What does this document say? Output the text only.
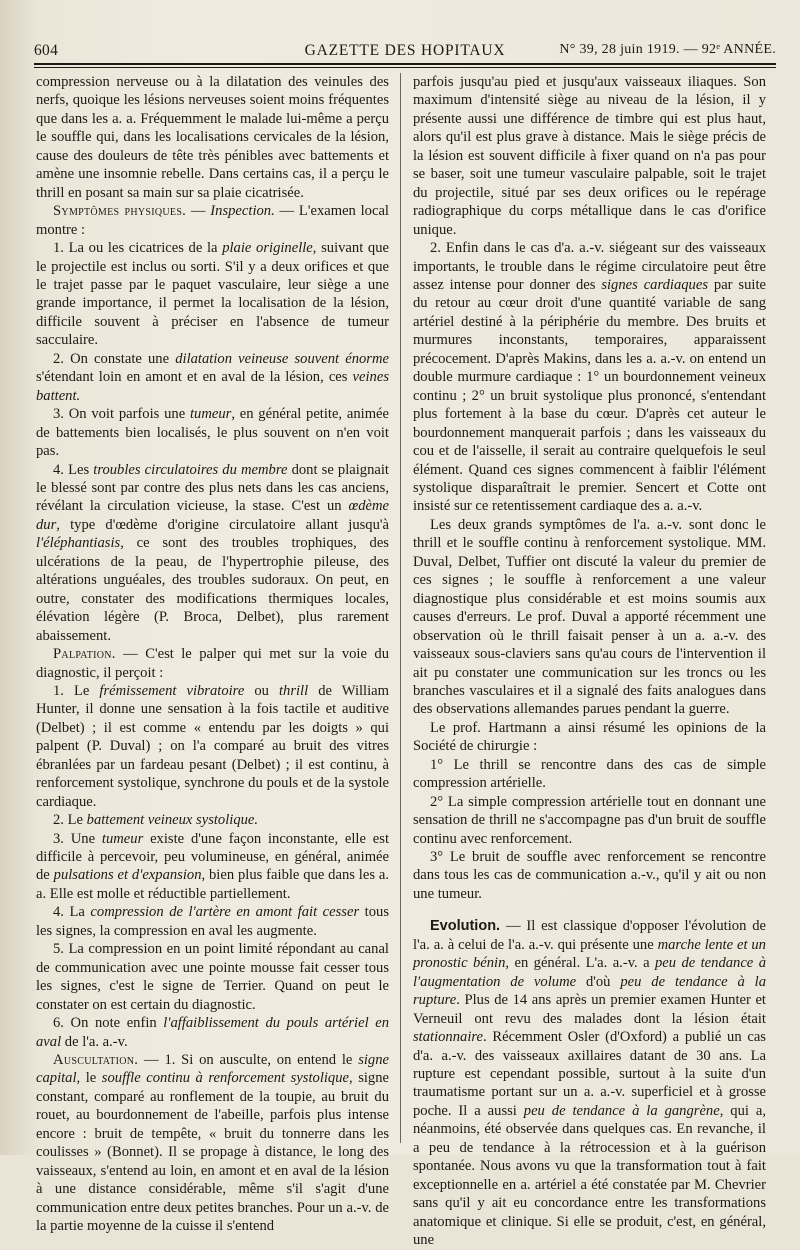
604	GAZETTE DES HOPITAUX	N° 39, 28 juin 1919. — 92ᵉ ANNÉE.

compression nerveuse ou à la dilatation des veinules des nerfs, quoique les lésions nerveuses soient moins fréquentes que dans les a. a. Fréquemment le malade lui-même a perçu le souffle qui, dans les localisations cervicales de la lésion, cause des douleurs de tête très pénibles avec battements et amène une insomnie rebelle. Dans certains cas, il a perçu le thrill en posant sa main sur sa plaie cicatrisée.

Symptômes physiques. — Inspection. — L'examen local montre :

1. La ou les cicatrices de la plaie originelle, suivant que le projectile est inclus ou sorti. S'il y a deux orifices et que le trajet passe par le paquet vasculaire, leur siège a une grande importance, il permet la localisation de la lésion, difficile souvent à préciser en l'absence de tumeur sacculaire.

2. On constate une dilatation veineuse souvent énorme s'étendant loin en amont et en aval de la lésion, ces veines battent.

3. On voit parfois une tumeur, en général petite, animée de battements bien localisés, le plus souvent on n'en voit pas.

4. Les troubles circulatoires du membre dont se plaignait le blessé sont par contre des plus nets dans les cas anciens, révélant la circulation vicieuse, la stase. C'est un œdème dur, type d'œdème d'origine circulatoire allant jusqu'à l'éléphantiasis, ce sont des troubles trophiques, des ulcérations de la peau, de l'hypertrophie pileuse, des altérations unguéales, des troubles sudoraux. On peut, en outre, constater des modifications thermiques locales, élévation légère (P. Broca, Delbet), plus rarement abaissement.

Palpation. — C'est le palper qui met sur la voie du diagnostic, il perçoit :

1. Le frémissement vibratoire ou thrill de William Hunter, il donne une sensation à la fois tactile et auditive (Delbet) ; il est comme « entendu par les doigts » qui palpent (P. Duval) ; on l'a comparé au bruit des vitres ébranlées par un fardeau pesant (Delbet) ; il est continu, à renforcement systolique, synchrone du pouls et de la systole cardiaque.

2. Le battement veineux systolique.

3. Une tumeur existe d'une façon inconstante, elle est difficile à percevoir, peu volumineuse, en général, animée de pulsations et d'expansion, bien plus faible que dans les a. a. Elle est molle et réductible partiellement.

4. La compression de l'artère en amont fait cesser tous les signes, la compression en aval les augmente.

5. La compression en un point limité répondant au canal de communication avec une pointe mousse fait cesser tous les signes, c'est le signe de Terrier. Quand on peut le constater on est certain du diagnostic.

6. On note enfin l'affaiblissement du pouls artériel en aval de l'a. a.-v.

Auscultation. — 1. Si on ausculte, on entend le signe capital, le souffle continu à renforcement systolique, signe constant, comparé au ronflement de la toupie, au bruit du rouet, au bourdonnement de l'abeille, parfois plus intense encore : bruit de tempête, « bruit du tonnerre dans les coulisses » (Bonnet). Il se propage à distance, le long des vaisseaux, s'entend au loin, en amont et en aval de la lésion à une distance considérable, même s'il s'agit d'une communication entre deux petites branches. Pour un a.-v. de la partie moyenne de la cuisse il s'entend

parfois jusqu'au pied et jusqu'aux vaisseaux iliaques. Son maximum d'intensité siège au niveau de la lésion, il y présente aussi une différence de timbre qui est plus haut, alors qu'il est plus grave à distance. Mais le siège précis de la lésion est souvent difficile à fixer quand on n'a pas pour se baser, soit une tumeur vasculaire palpable, soit le trajet du projectile, situé par ses deux orifices ou le repérage radiographique du corps métallique dans le cas d'orifice unique.

2. Enfin dans le cas d'a. a.-v. siégeant sur des vaisseaux importants, le trouble dans le régime circulatoire peut être assez intense pour donner des signes cardiaques par suite du retour au cœur droit d'une quantité variable de sang artériel destiné à la périphérie du membre. Des bruits et murmures inconstants, temporaires, apparaissent précocement. D'après Makins, dans les a. a.-v. on entend un double murmure cardiaque : 1° un bourdonnement veineux continu ; 2° un bruit systolique plus prononcé, s'entendant plus fortement à la base du cœur. D'après cet auteur le bourdonnement manquerait parfois ; dans les vaisseaux du cou et de l'aisselle, il serait au contraire quelquefois le seul élément. Quand ces signes commencent à faiblir l'élément systolique disparaîtrait le premier. Sencert et Cotte ont insisté sur ce retentissement cardiaque des a. a.-v.

Les deux grands symptômes de l'a. a.-v. sont donc le thrill et le souffle continu à renforcement systolique. MM. Duval, Delbet, Tuffier ont discuté la valeur du premier de ces signes ; le souffle à renforcement a une valeur diagnostique plus considérable et est moins soumis aux causes d'erreurs. Le prof. Duval a apporté récemment une observation où le thrill faisait penser à un a. a.-v. des vaisseaux sous-claviers sans qu'au cours de l'intervention il ait pu constater une communication sur les troncs ou les branches vasculaires et il a signalé des faits analogues dans des observations allemandes parues pendant la guerre.

Le prof. Hartmann a ainsi résumé les opinions de la Société de chirurgie :

1° Le thrill se rencontre dans des cas de simple compression artérielle.

2° La simple compression artérielle tout en donnant une sensation de thrill ne s'accompagne pas d'un bruit de souffle continu avec renforcement.

3° Le bruit de souffle avec renforcement se rencontre dans tous les cas de communication a.-v., qu'il y ait ou non une tumeur.

Evolution. — Il est classique d'opposer l'évolution de l'a. a. à celui de l'a. a.-v. qui présente une marche lente et un pronostic bénin, en général. L'a. a.-v. a peu de tendance à l'augmentation de volume d'où peu de tendance à la rupture. Plus de 14 ans après un premier examen Hunter et Verneuil ont revu des malades dont la lésion était stationnaire. Récemment Osler (d'Oxford) a publié un cas d'a. a.-v. des vaisseaux axillaires datant de 30 ans. La rupture est cependant possible, surtout à la suite d'un traumatisme portant sur un a. a.-v. superficiel et à grosse poche. Il a aussi peu de tendance à la gangrène, qui a, néanmoins, été observée dans quelques cas. En revanche, il a peu de tendance à la rétrocession et à la guérison spontanée. Nous avons vu que la transformation tout à fait exceptionnelle en a. artériel a été constatée par M. Chevrier sans qu'il y ait eu concordance entre les transformations anatomique et clinique. Si elle se produit, c'est, en général, une
